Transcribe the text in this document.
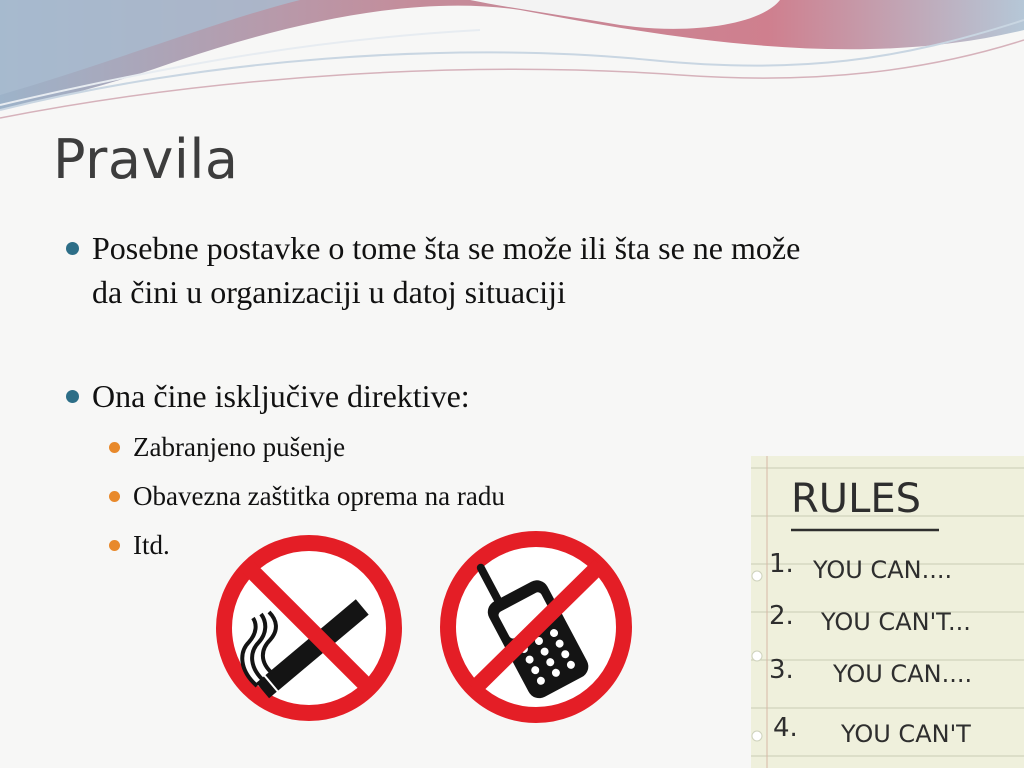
Pravila
Posebne postavke o tome šta se može ili šta se ne može
da čini u organizaciji u datoj situaciji
Ona čine isključive direktive:
Zabranjeno pušenje
Obavezna zaštitka oprema na radu
Itd.
RULES
1. YOU CAN....
2. YOU CAN'T...
3. YOU CAN....
4. YOU CAN'T
